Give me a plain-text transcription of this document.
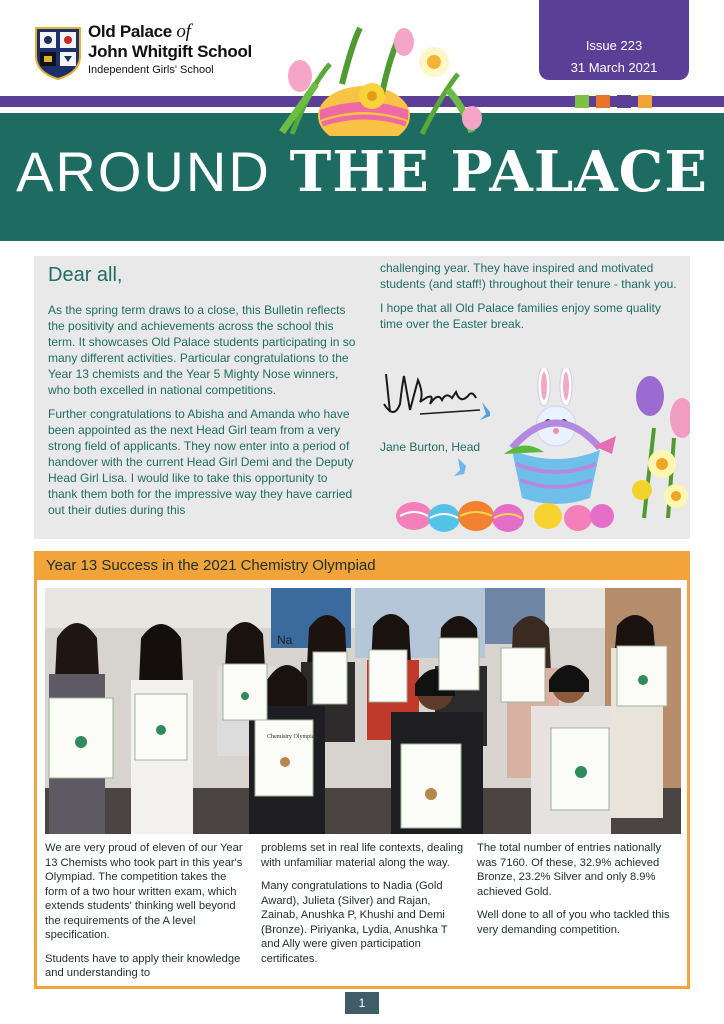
Old Palace of
John Whitgift School
Independent Girls' School
Issue 223
31 March 2021
AROUND THE PALACE
Dear all,

As the spring term draws to a close, this Bulletin reflects the positivity and achievements across the school this term. It showcases Old Palace students participating in so many different activities. Particular congratulations to the Year 13 chemists and the Year 5 Mighty Nose winners, who both excelled in national competitions.

Further congratulations to Abisha and Amanda who have been appointed as the next Head Girl team from a very strong field of applicants. They now enter into a period of handover with the current Head Girl Demi and the Deputy Head Girl Lisa. I would like to take this opportunity to thank them both for the impressive way they have carried out their duties during this

challenging year. They have inspired and motivated students (and staff!) throughout their tenure - thank you.

I hope that all Old Palace families enjoy some quality time over the Easter break.

Jane Burton, Head
Year 13 Success in the 2021 Chemistry Olympiad
Na
Chemistry Olympiad

We are very proud of eleven of our Year 13 Chemists who took part in this year's Olympiad. The competition takes the form of a two hour written exam, which extends students' thinking well beyond the requirements of the A level specification.

Students have to apply their knowledge and understanding to

problems set in real life contexts, dealing with unfamiliar material along the way.

Many congratulations to Nadia (Gold Award), Julieta (Silver) and Rajan, Zainab, Anushka P, Khushi and Demi (Bronze). Piriyanka, Lydia, Anushka T and Ally were given participation certificates.

The total number of entries nationally was 7160. Of these, 32.9% achieved Bronze, 23.2% Silver and only 8.9% achieved Gold.

Well done to all of you who tackled this very demanding competition.

1
